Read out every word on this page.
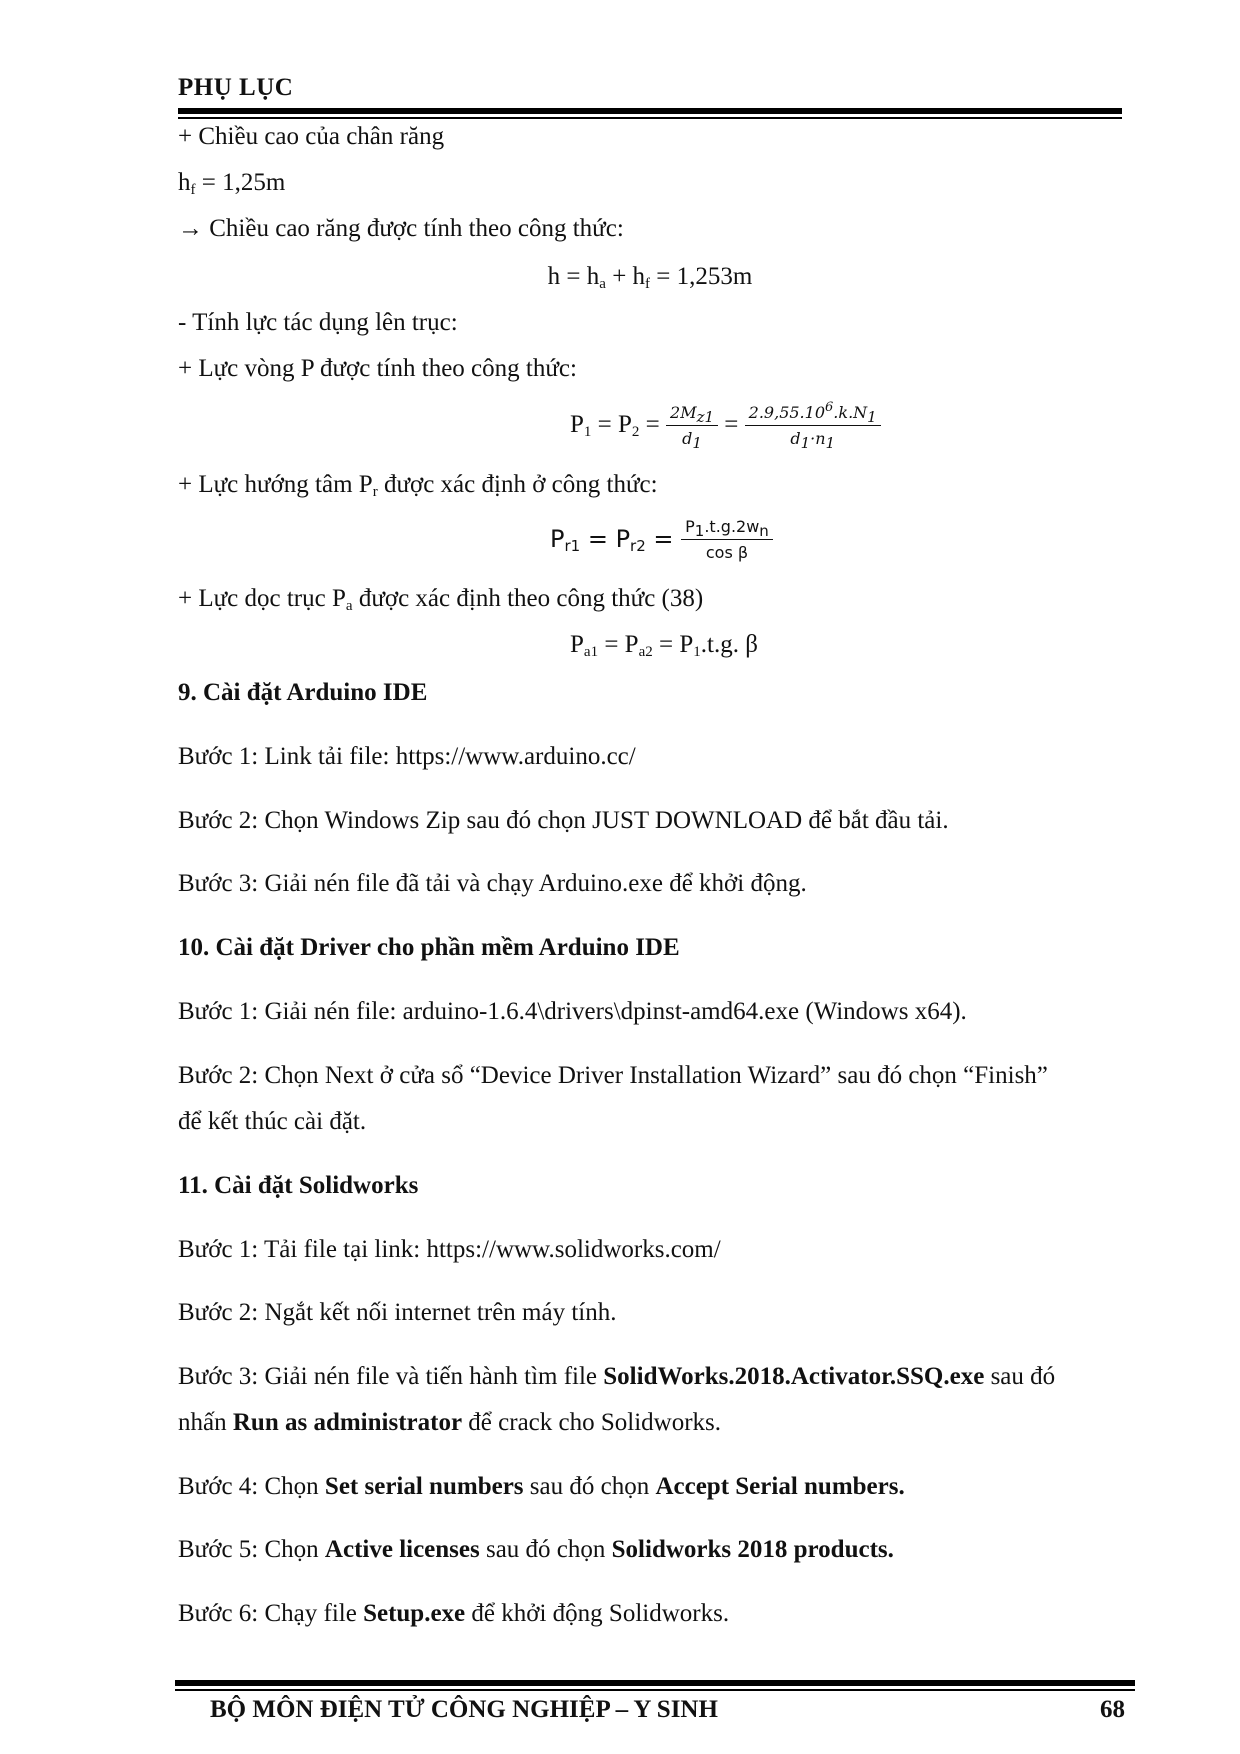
PHỤ LỤC
+ Chiều cao của chân răng
$h_f = 1,25m$
→ Chiều cao răng được tính theo công thức:
$h = h_a + h_f = 1,253m$
- Tính lực tác dụng lên trục:
+ Lực vòng P được tính theo công thức:
$P_1 = P_2 = \frac{2M_{z1}}{d_1} = \frac{2.9,55.10^6.k.N_1}{d_1\cdot n_1}$
+ Lực hướng tâm $P_r$ được xác định ở công thức:
$P_{r1} = P_{r2} = \frac{P_1.t.g.2w_n}{\text{cos β}}$
+ Lực dọc trục $P_a$ được xác định theo công thức (38)
$P_{a1} = P_{a2} = P_1.t.g$. β
9. Cài đặt Arduino IDE
Bước 1: Link tải file: https://www.arduino.cc/
Bước 2: Chọn Windows Zip sau đó chọn JUST DOWNLOAD để bắt đầu tải.
Bước 3: Giải nén file đã tải và chạy Arduino.exe để khởi động.
10. Cài đặt Driver cho phần mềm Arduino IDE
Bước 1: Giải nén file: arduino-1.6.4\drivers\dpinst-amd64.exe (Windows x64).
Bước 2: Chọn Next ở cửa sổ “Device Driver Installation Wizard” sau đó chọn “Finish”
để kết thúc cài đặt.
11. Cài đặt Solidworks
Bước 1: Tải file tại link: https://www.solidworks.com/
Bước 2: Ngắt kết nối internet trên máy tính.
Bước 3: Giải nén file và tiến hành tìm file SolidWorks.2018.Activator.SSQ.exe sau đó
nhấn Run as administrator để crack cho Solidworks.
Bước 4: Chọn Set serial numbers sau đó chọn Accept Serial numbers.
Bước 5: Chọn Active licenses sau đó chọn Solidworks 2018 products.
Bước 6: Chạy file Setup.exe để khởi động Solidworks.
BỘ MÔN ĐIỆN TỬ CÔNG NGHIỆP – Y SINH	68
